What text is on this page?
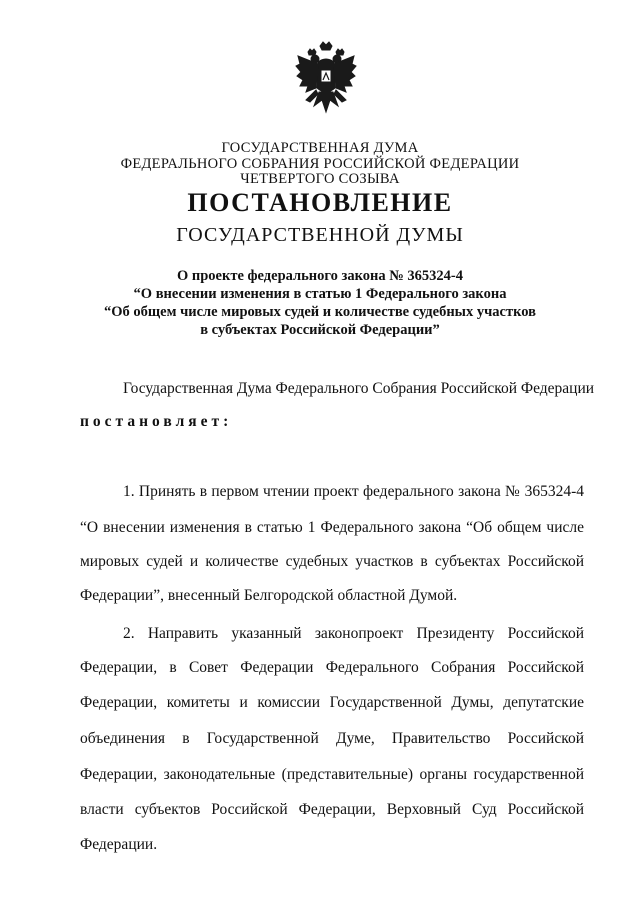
ГОСУДАРСТВЕННАЯ ДУМА
ФЕДЕРАЛЬНОГО СОБРАНИЯ РОССИЙСКОЙ ФЕДЕРАЦИИ
ЧЕТВЕРТОГО СОЗЫВА
ПОСТАНОВЛЕНИЕ
ГОСУДАРСТВЕННОЙ ДУМЫ
О проекте федерального закона № 365324-4
“О внесении изменения в статью 1 Федерального закона
“Об общем числе мировых судей и количестве судебных участков
в субъектах Российской Федерации”
Государственная Дума Федерального Собрания Российской Федерации
постановляет:
1. Принять в первом чтении проект федерального закона № 365324-4
“О внесении изменения в статью 1 Федерального закона “Об общем числе
мировых судей и количестве судебных участков в субъектах Российской
Федерации”, внесенный Белгородской областной Думой.
2. Направить указанный законопроект Президенту Российской
Федерации, в Совет Федерации Федерального Собрания Российской
Федерации, комитеты и комиссии Государственной Думы, депутатские
объединения в Государственной Думе, Правительство Российской
Федерации, законодательные (представительные) органы государственной
власти субъектов Российской Федерации, Верховный Суд Российской
Федерации.
